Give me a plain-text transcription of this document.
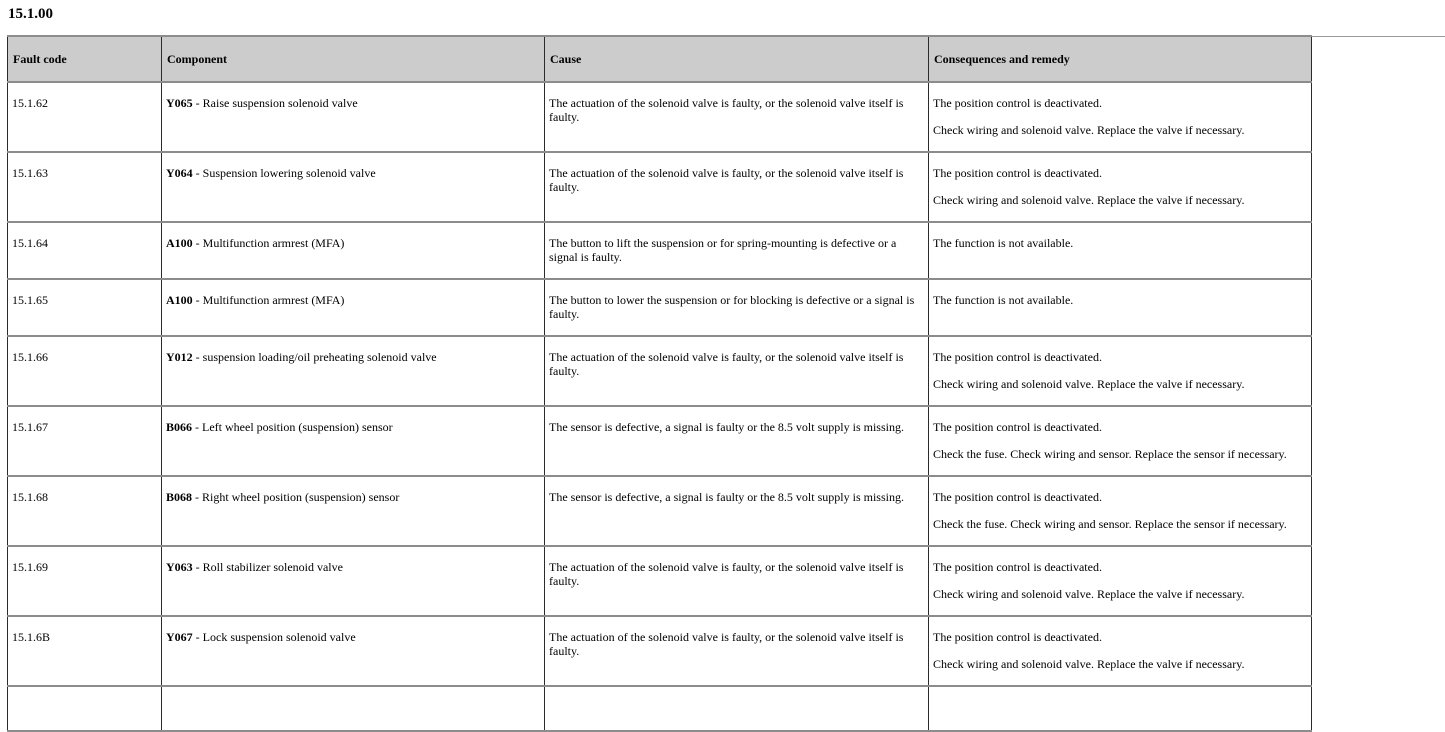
15.1.00
Fault code	Component	Cause	Consequences and remedy

15.1.62	Y065 - Raise suspension solenoid valve	The actuation of the solenoid valve is faulty, or the solenoid valve itself is faulty.	The position control is deactivated.

Check wiring and solenoid valve. Replace the valve if necessary.

15.1.63	Y064 - Suspension lowering solenoid valve	The actuation of the solenoid valve is faulty, or the solenoid valve itself is faulty.	The position control is deactivated.

Check wiring and solenoid valve. Replace the valve if necessary.

15.1.64	A100 - Multifunction armrest (MFA)	The button to lift the suspension or for spring-mounting is defective or a signal is faulty.	The function is not available.

15.1.65	A100 - Multifunction armrest (MFA)	The button to lower the suspension or for blocking is defective or a signal is faulty.	The function is not available.

15.1.66	Y012 - suspension loading/oil preheating solenoid valve	The actuation of the solenoid valve is faulty, or the solenoid valve itself is faulty.	The position control is deactivated.

Check wiring and solenoid valve. Replace the valve if necessary.

15.1.67	B066 - Left wheel position (suspension) sensor	The sensor is defective, a signal is faulty or the 8.5 volt supply is missing.	The position control is deactivated.

Check the fuse. Check wiring and sensor. Replace the sensor if necessary.

15.1.68	B068 - Right wheel position (suspension) sensor	The sensor is defective, a signal is faulty or the 8.5 volt supply is missing.	The position control is deactivated.

Check the fuse. Check wiring and sensor. Replace the sensor if necessary.

15.1.69	Y063 - Roll stabilizer solenoid valve	The actuation of the solenoid valve is faulty, or the solenoid valve itself is faulty.	The position control is deactivated.

Check wiring and solenoid valve. Replace the valve if necessary.

15.1.6B	Y067 - Lock suspension solenoid valve	The actuation of the solenoid valve is faulty, or the solenoid valve itself is faulty.	The position control is deactivated.

Check wiring and solenoid valve. Replace the valve if necessary.
